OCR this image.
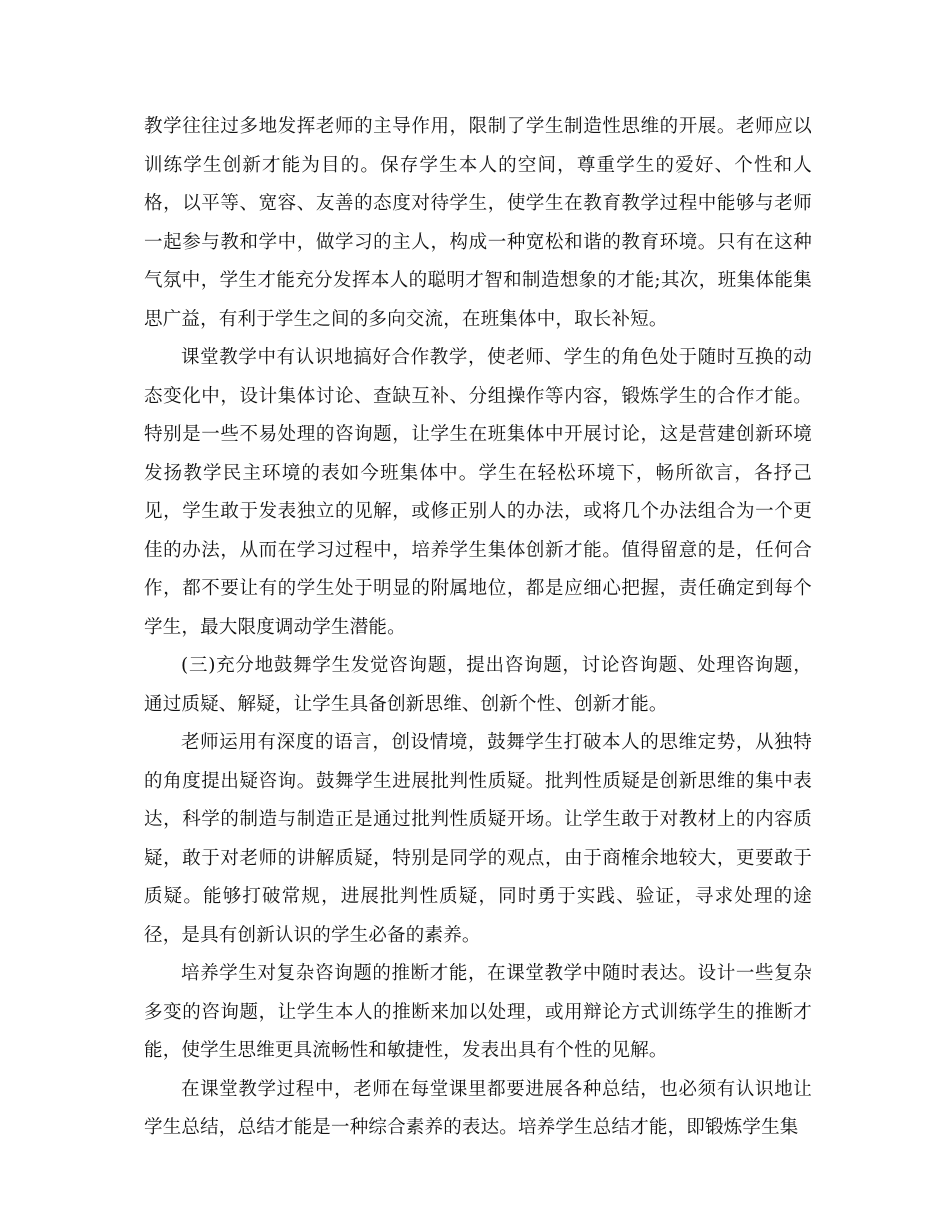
教学往往过多地发挥老师的主导作用，限制了学生制造性思维的开展。老师应以训练学生创新才能为目的。保存学生本人的空间，尊重学生的爱好、个性和人格，以平等、宽容、友善的态度对待学生，使学生在教育教学过程中能够与老师一起参与教和学中，做学习的主人，构成一种宽松和谐的教育环境。只有在这种气氛中，学生才能充分发挥本人的聪明才智和制造想象的才能;其次，班集体能集思广益，有利于学生之间的多向交流，在班集体中，取长补短。

课堂教学中有认识地搞好合作教学，使老师、学生的角色处于随时互换的动态变化中，设计集体讨论、查缺互补、分组操作等内容，锻炼学生的合作才能。特别是一些不易处理的咨询题，让学生在班集体中开展讨论，这是营建创新环境发扬教学民主环境的表如今班集体中。学生在轻松环境下，畅所欲言，各抒己见，学生敢于发表独立的见解，或修正别人的办法，或将几个办法组合为一个更佳的办法，从而在学习过程中，培养学生集体创新才能。值得留意的是，任何合作，都不要让有的学生处于明显的附属地位，都是应细心把握，责任确定到每个学生，最大限度调动学生潜能。

(三)充分地鼓舞学生发觉咨询题，提出咨询题，讨论咨询题、处理咨询题，通过质疑、解疑，让学生具备创新思维、创新个性、创新才能。

老师运用有深度的语言，创设情境，鼓舞学生打破本人的思维定势，从独特的角度提出疑咨询。鼓舞学生进展批判性质疑。批判性质疑是创新思维的集中表达，科学的制造与制造正是通过批判性质疑开场。让学生敢于对教材上的内容质疑，敢于对老师的讲解质疑，特别是同学的观点，由于商榷余地较大，更要敢于质疑。能够打破常规，进展批判性质疑，同时勇于实践、验证，寻求处理的途径，是具有创新认识的学生必备的素养。

培养学生对复杂咨询题的推断才能，在课堂教学中随时表达。设计一些复杂多变的咨询题，让学生本人的推断来加以处理，或用辩论方式训练学生的推断才能，使学生思维更具流畅性和敏捷性，发表出具有个性的见解。

在课堂教学过程中，老师在每堂课里都要进展各种总结，也必须有认识地让学生总结，总结才能是一种综合素养的表达。培养学生总结才能，即锻炼学生集
